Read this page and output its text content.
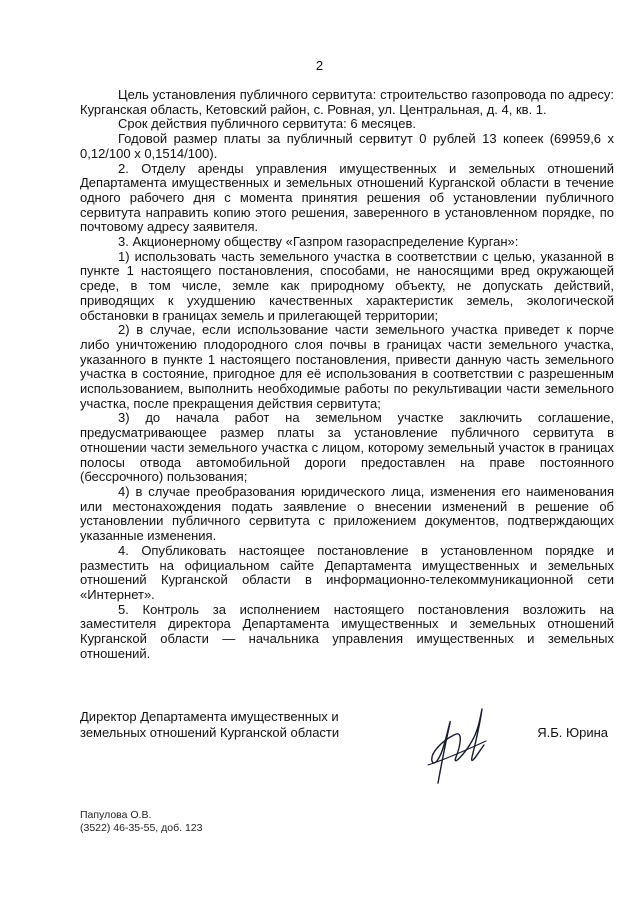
2

Цель установления публичного сервитута: строительство газопровода по адресу: Курганская область, Кетовский район, с. Ровная, ул. Центральная, д. 4, кв. 1.

Срок действия публичного сервитута: 6 месяцев.

Годовой размер платы за публичный сервитут 0 рублей 13 копеек (69959,6 х 0,12/100 х 0,1514/100).

2. Отделу аренды управления имущественных и земельных отношений Департамента имущественных и земельных отношений Курганской области в течение одного рабочего дня с момента принятия решения об установлении публичного сервитута направить копию этого решения, заверенного в установленном порядке, по почтовому адресу заявителя.

3. Акционерному обществу «Газпром газораспределение Курган»:

1) использовать часть земельного участка в соответствии с целью, указанной в пункте 1 настоящего постановления, способами, не наносящими вред окружающей среде, в том числе, земле как природному объекту, не допускать действий, приводящих к ухудшению качественных характеристик земель, экологической обстановки в границах земель и прилегающей территории;

2) в случае, если использование части земельного участка приведет к порче либо уничтожению плодородного слоя почвы в границах части земельного участка, указанного в пункте 1 настоящего постановления, привести данную часть земельного участка в состояние, пригодное для её использования в соответствии с разрешенным использованием, выполнить необходимые работы по рекультивации части земельного участка, после прекращения действия сервитута;

3) до начала работ на земельном участке заключить соглашение, предусматривающее размер платы за установление публичного сервитута в отношении части земельного участка с лицом, которому земельный участок в границах полосы отвода автомобильной дороги предоставлен на праве постоянного (бессрочного) пользования;

4) в случае преобразования юридического лица, изменения его наименования или местонахождения подать заявление о внесении изменений в решение об установлении публичного сервитута с приложением документов, подтверждающих указанные изменения.

4. Опубликовать настоящее постановление в установленном порядке и разместить на официальном сайте Департамента имущественных и земельных отношений Курганской области в информационно-телекоммуникационной сети «Интернет».

5. Контроль за исполнением настоящего постановления возложить на заместителя директора Департамента имущественных и земельных отношений Курганской области — начальника управления имущественных и земельных отношений.

Директор Департамента имущественных и
земельных отношений Курганской области	Я.Б. Юрина
Папулова О.В.
(3522) 46-35-55, доб. 123
